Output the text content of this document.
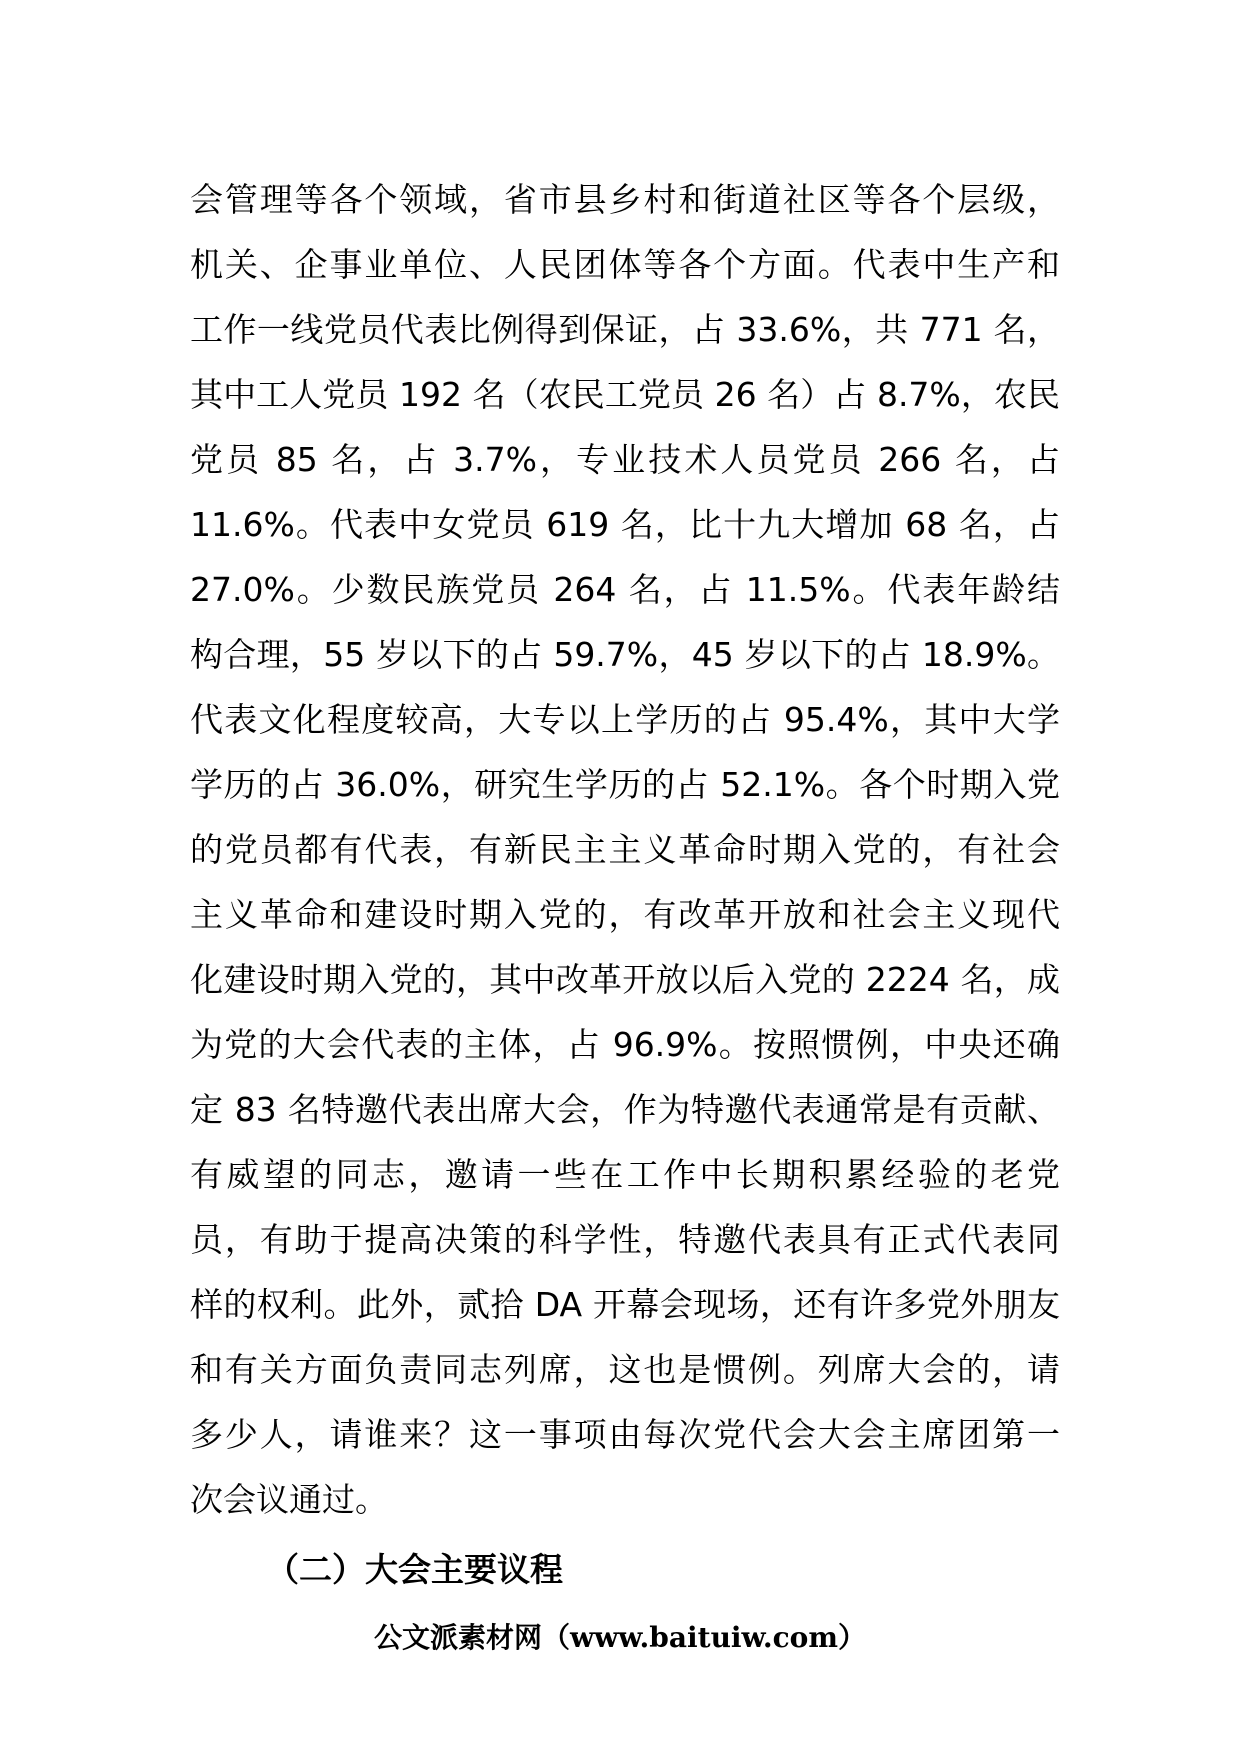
会管理等各个领域，省市县乡村和街道社区等各个层级，
机关、企事业单位、人民团体等各个方面。代表中生产和
工作一线党员代表比例得到保证，占 33.6%，共 771 名，
其中工人党员 192 名（农民工党员 26 名）占 8.7%，农民
党员 85 名，占 3.7%，专业技术人员党员 266 名，占
11.6%。代表中女党员 619 名，比十九大增加 68 名，占
27.0%。少数民族党员 264 名，占 11.5%。代表年龄结
构合理，55 岁以下的占 59.7%，45 岁以下的占 18.9%。
代表文化程度较高，大专以上学历的占 95.4%，其中大学
学历的占 36.0%，研究生学历的占 52.1%。各个时期入党
的党员都有代表，有新民主主义革命时期入党的，有社会
主义革命和建设时期入党的，有改革开放和社会主义现代
化建设时期入党的，其中改革开放以后入党的 2224 名，成
为党的大会代表的主体，占 96.9%。按照惯例，中央还确
定 83 名特邀代表出席大会，作为特邀代表通常是有贡献、
有威望的同志，邀请一些在工作中长期积累经验的老党
员，有助于提高决策的科学性，特邀代表具有正式代表同
样的权利。此外，贰拾 DA 开幕会现场，还有许多党外朋友
和有关方面负责同志列席，这也是惯例。列席大会的，请
多少人，请谁来？这一事项由每次党代会大会主席团第一
次会议通过。
（二）大会主要议程
公文派素材网（www.baituiw.com）
